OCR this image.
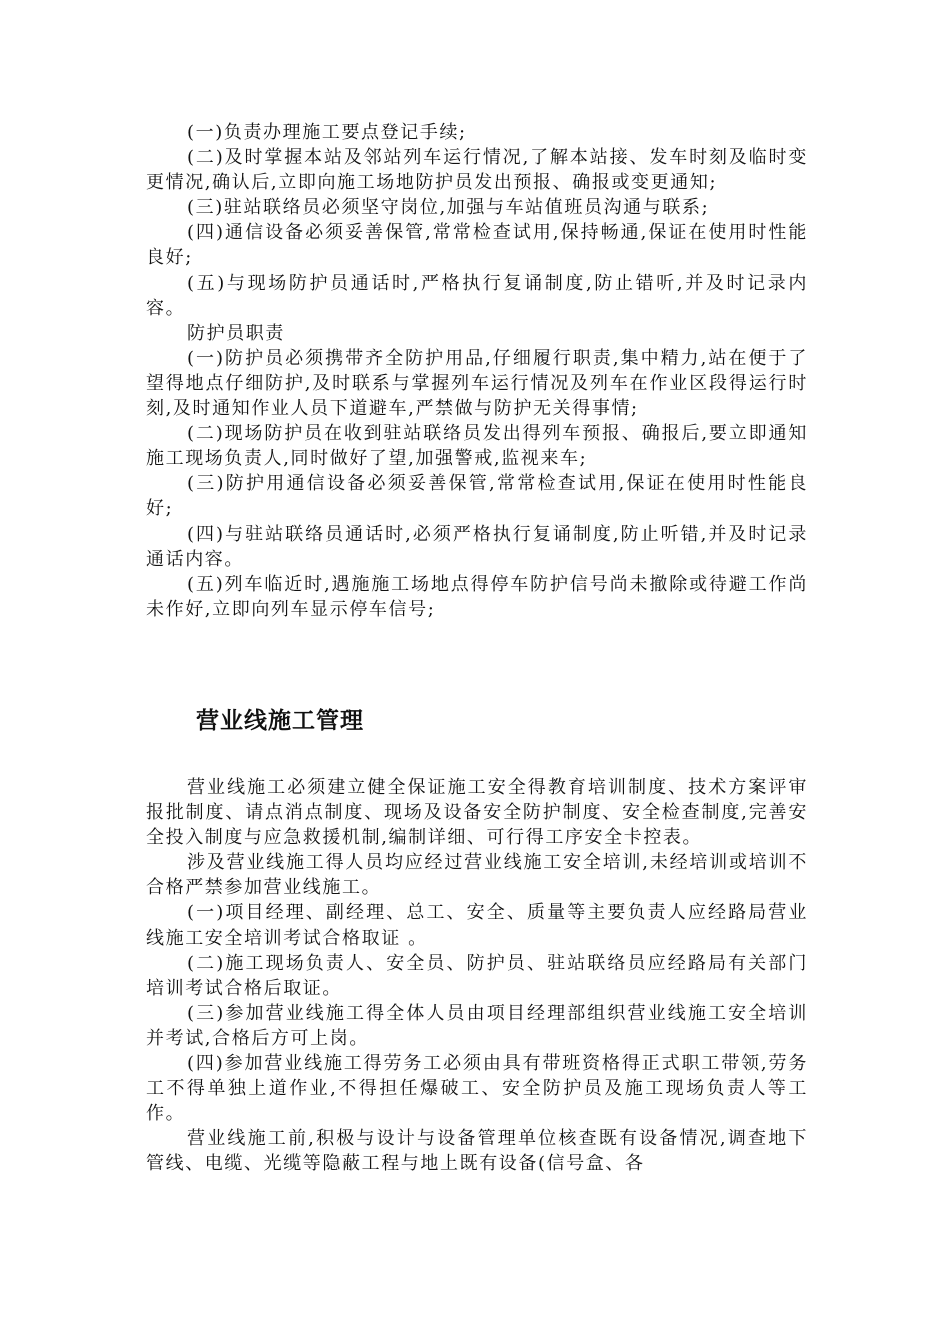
(一)负责办理施工要点登记手续;

(二)及时掌握本站及邻站列车运行情况,了解本站接、发车时刻及临时变更情况,确认后,立即向施工场地防护员发出预报、确报或变更通知;

(三)驻站联络员必须坚守岗位,加强与车站值班员沟通与联系;

(四)通信设备必须妥善保管,常常检查试用,保持畅通,保证在使用时性能良好;

(五)与现场防护员通话时,严格执行复诵制度,防止错听,并及时记录内容。

防护员职责

(一)防护员必须携带齐全防护用品,仔细履行职责,集中精力,站在便于了望得地点仔细防护,及时联系与掌握列车运行情况及列车在作业区段得运行时刻,及时通知作业人员下道避车,严禁做与防护无关得事情;

(二)现场防护员在收到驻站联络员发出得列车预报、确报后,要立即通知施工现场负责人,同时做好了望,加强警戒,监视来车;

(三)防护用通信设备必须妥善保管,常常检查试用,保证在使用时性能良好;

(四)与驻站联络员通话时,必须严格执行复诵制度,防止听错,并及时记录通话内容。

(五)列车临近时,遇施施工场地点得停车防护信号尚未撤除或待避工作尚未作好,立即向列车显示停车信号;

营业线施工管理

营业线施工必须建立健全保证施工安全得教育培训制度、技术方案评审报批制度、请点消点制度、现场及设备安全防护制度、安全检查制度,完善安全投入制度与应急救援机制,编制详细、可行得工序安全卡控表。

涉及营业线施工得人员均应经过营业线施工安全培训,未经培训或培训不合格严禁参加营业线施工。

(一)项目经理、副经理、总工、安全、质量等主要负责人应经路局营业线施工安全培训考试合格取证 。

(二)施工现场负责人、安全员、防护员、驻站联络员应经路局有关部门培训考试合格后取证。

(三)参加营业线施工得全体人员由项目经理部组织营业线施工安全培训并考试,合格后方可上岗。

(四)参加营业线施工得劳务工必须由具有带班资格得正式职工带领,劳务工不得单独上道作业,不得担任爆破工、安全防护员及施工现场负责人等工作。

营业线施工前,积极与设计与设备管理单位核查既有设备情况,调查地下管线、电缆、光缆等隐蔽工程与地上既有设备(信号盒、各
